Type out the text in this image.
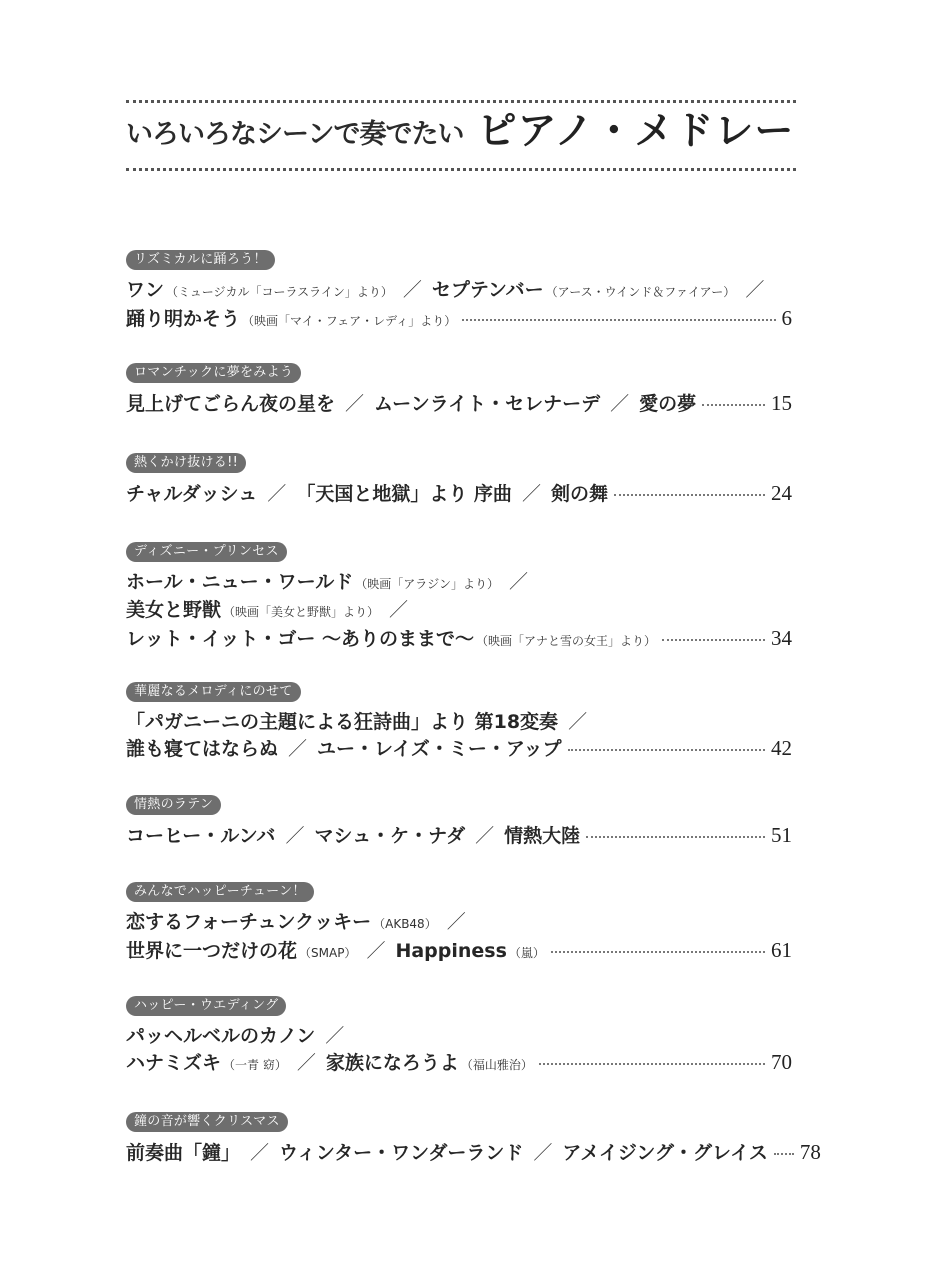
いろいろなシーンで奏でたい ピアノ・メドレー
リズミカルに踊ろう！
ワン （ミュージカル「コーラスライン」より） ／ セプテンバー （アース・ウインド＆ファイアー） ／
踊り明かそう （映画「マイ・フェア・レディ」より）	6
ロマンチックに夢をみよう
見上げてごらん夜の星を ／ ムーンライト・セレナーデ ／ 愛の夢	15
熱くかけ抜ける!!
チャルダッシュ ／ 「天国と地獄」より 序曲 ／ 剣の舞	24
ディズニー・プリンセス
ホール・ニュー・ワールド （映画「アラジン」より） ／
美女と野獣 （映画「美女と野獣」より） ／
レット・イット・ゴー ～ありのままで～ （映画「アナと雪の女王」より）	34
華麗なるメロディにのせて
「パガニーニの主題による狂詩曲」より 第18変奏 ／
誰も寝てはならぬ ／ ユー・レイズ・ミー・アップ	42
情熱のラテン
コーヒー・ルンバ ／ マシュ・ケ・ナダ ／ 情熱大陸	51
みんなでハッピーチューン！
恋するフォーチュンクッキー （AKB48） ／
世界に一つだけの花 （SMAP） ／ Happiness （嵐）	61
ハッピー・ウエディング
パッヘルベルのカノン ／
ハナミズキ （一青 窈） ／ 家族になろうよ （福山雅治）	70
鐘の音が響くクリスマス
前奏曲「鐘」 ／ ウィンター・ワンダーランド ／ アメイジング・グレイス 78
